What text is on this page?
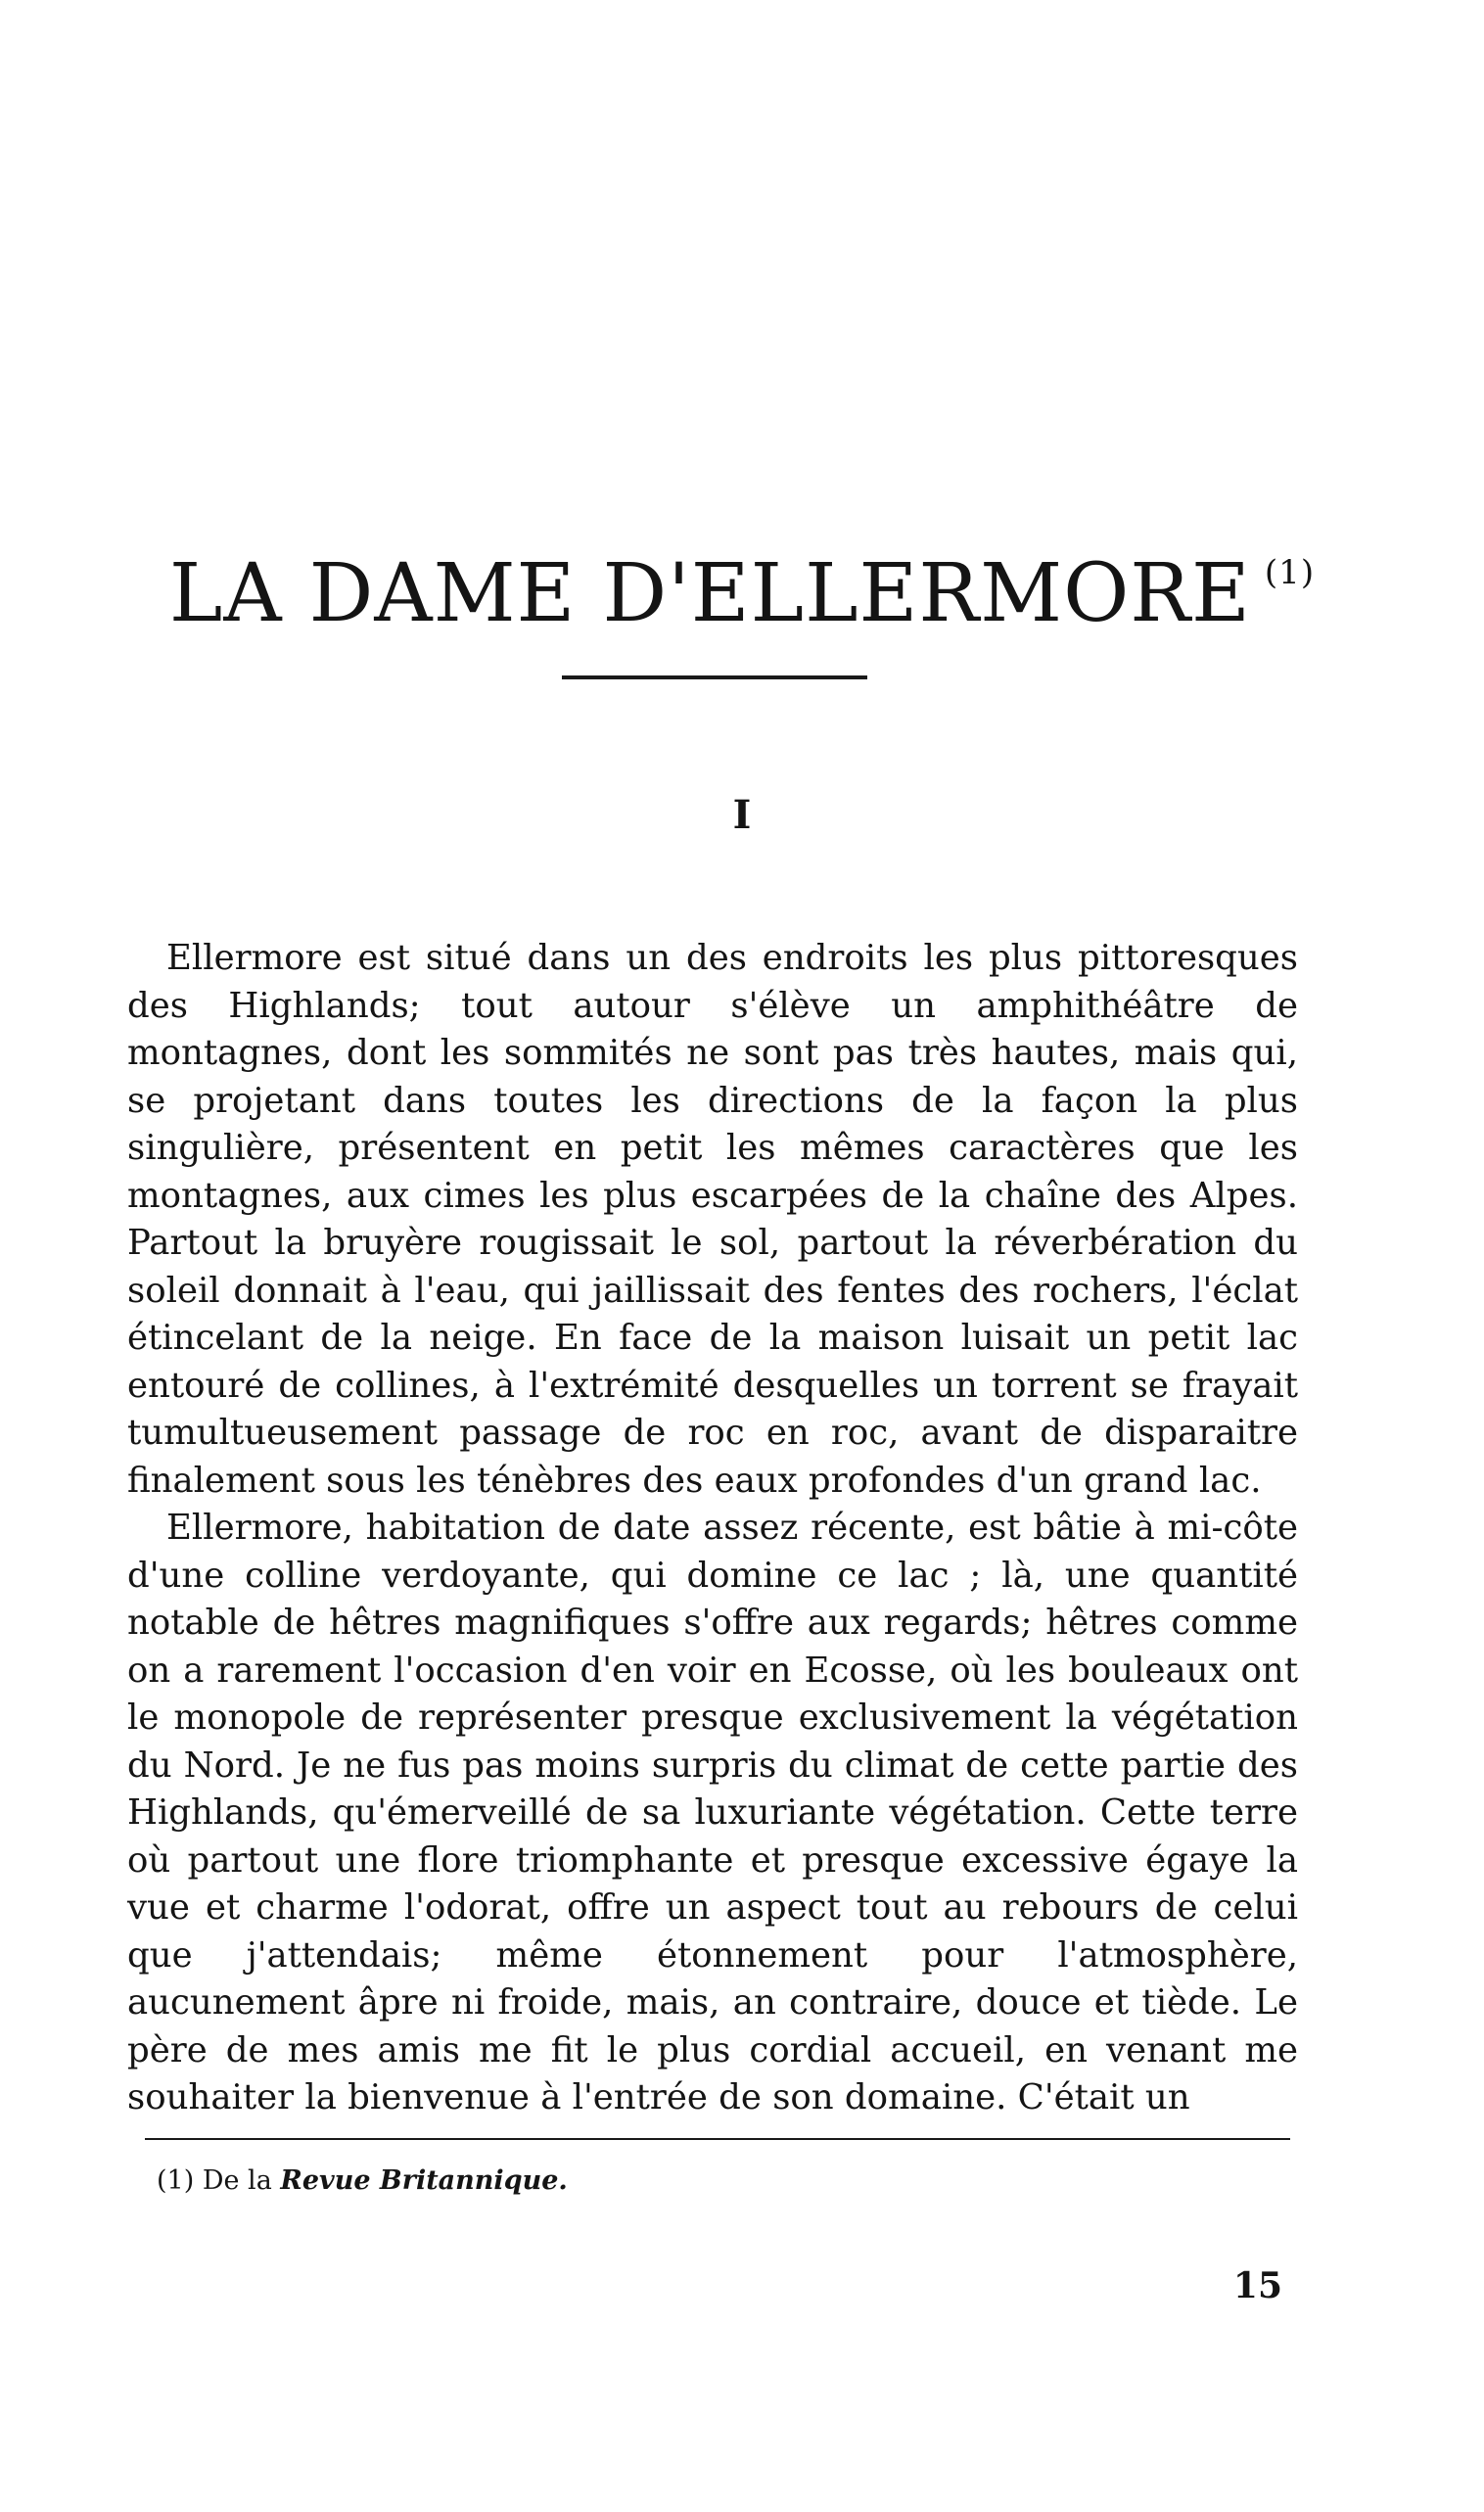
LA DAME D'ELLERMORE $^{(1)}$
I

Ellermore est situé dans un des endroits les plus pittoresques des Highlands; tout autour s'élève un amphithéâtre de montagnes, dont les sommités ne sont pas très hautes, mais qui, se projetant dans toutes les directions de la façon la plus singulière, présentent en petit les mêmes caractères que les montagnes, aux cimes les plus escarpées de la chaîne des Alpes. Partout la bruyère rougissait le sol, partout la réverbération du soleil donnait à l'eau, qui jaillissait des fentes des rochers, l'éclat étincelant de la neige. En face de la maison luisait un petit lac entouré de collines, à l'extrémité desquelles un torrent se frayait tumultueusement passage de roc en roc, avant de disparaitre finalement sous les ténèbres des eaux profondes d'un grand lac.

Ellermore, habitation de date assez récente, est bâtie à mi-côte d'une colline verdoyante, qui domine ce lac ; là, une quantité notable de hêtres magnifiques s'offre aux regards; hêtres comme on a rarement l'occasion d'en voir en Ecosse, où les bouleaux ont le monopole de représenter presque exclusivement la végétation du Nord. Je ne fus pas moins surpris du climat de cette partie des Highlands, qu'émerveillé de sa luxuriante végétation. Cette terre où partout une flore triomphante et presque excessive égaye la vue et charme l'odorat, offre un aspect tout au rebours de celui que j'attendais; même étonnement pour l'atmosphère, aucunement âpre ni froide, mais, an contraire, douce et tiède. Le père de mes amis me fit le plus cordial accueil, en venant me souhaiter la bienvenue à l'entrée de son domaine. C'était un

(1) De la Revue Britannique.
15
